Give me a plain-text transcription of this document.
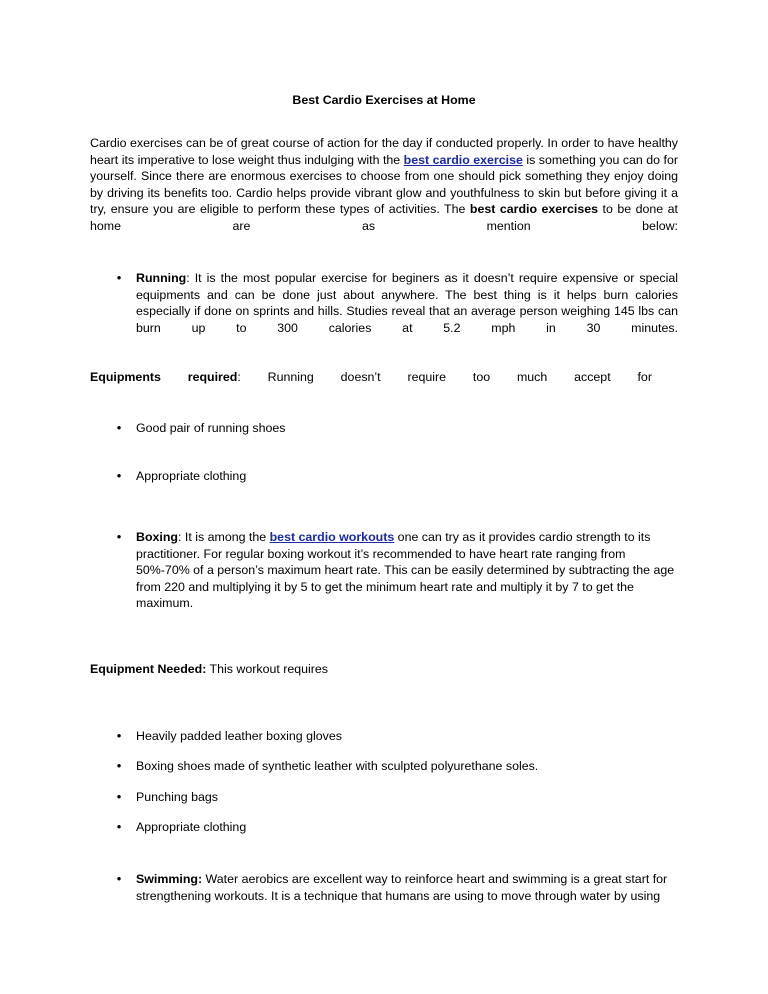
Best Cardio Exercises at Home
Cardio exercises can be of great course of action for the day if conducted properly. In order to have healthy heart its imperative to lose weight thus indulging with the best cardio exercise is something you can do for yourself. Since there are enormous exercises to choose from one should pick something they enjoy doing by driving its benefits too. Cardio helps provide vibrant glow and youthfulness to skin but before giving it a try, ensure you are eligible to perform these types of activities. The best cardio exercises to be done at home are as mention below:
•	Running: It is the most popular exercise for beginers as it doesn’t require expensive or special equipments and can be done just about anywhere. The best thing is it helps burn calories especially if done on sprints and hills. Studies reveal that an average person weighing 145 lbs can burn up to 300 calories at 5.2 mph in 30 minutes.
Equipments required: Running doesn’t require too much accept for
•	Good pair of running shoes
•	Appropriate clothing
•	Boxing: It is among the best cardio workouts one can try as it provides cardio strength to its practitioner. For regular boxing workout it’s recommended to have heart rate ranging from 50%-70% of a person’s maximum heart rate. This can be easily determined by subtracting the age from 220 and multiplying it by 5 to get the minimum heart rate and multiply it by 7 to get the maximum.
Equipment Needed: This workout requires
•	Heavily padded leather boxing gloves
•	Boxing shoes made of synthetic leather with sculpted polyurethane soles.
•	Punching bags
•	Appropriate clothing
•	Swimming: Water aerobics are excellent way to reinforce heart and swimming is a great start for strengthening workouts. It is a technique that humans are using to move through water by using
